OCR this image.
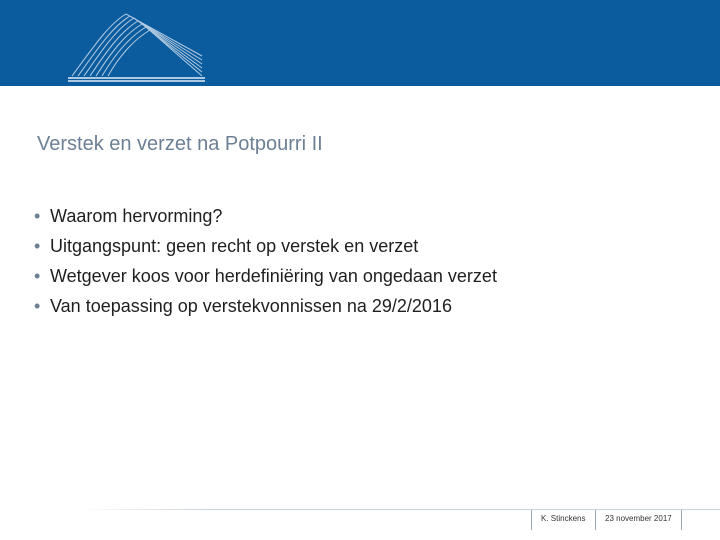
Verstek en verzet na Potpourri II
• Waarom hervorming?
• Uitgangspunt: geen recht op verstek en verzet
• Wetgever koos voor herdefiniëring van ongedaan verzet
• Van toepassing op verstekvonnissen na 29/2/2016
K. Stinckens 23 november 2017
